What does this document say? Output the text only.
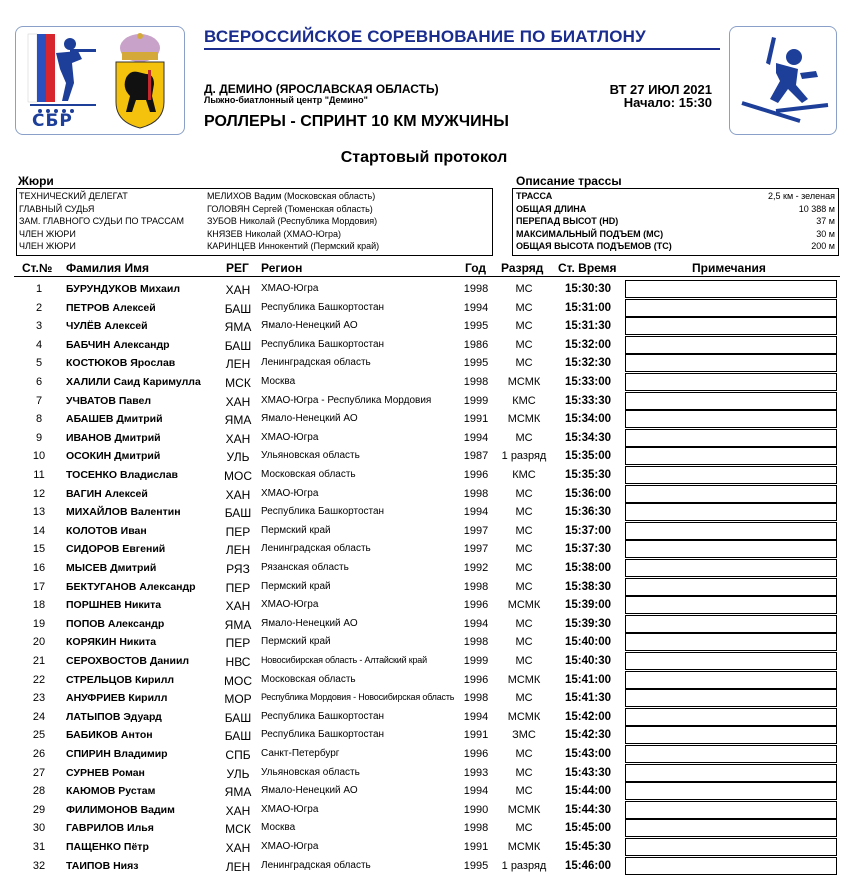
СБР
ВСЕРОССИЙСКОЕ СОРЕВНОВАНИЕ ПО БИАТЛОНУ
Д. ДЕМИНО (ЯРОСЛАВСКАЯ ОБЛАСТЬ)
Лыжно-биатлонный центр "Демино"
РОЛЛЕРЫ - СПРИНТ 10 КМ МУЖЧИНЫ
ВТ 27 ИЮЛ 2021
Начало: 15:30
Стартовый протокол
Жюри
ТЕХНИЧЕСКИЙ ДЕЛЕГАТ	МЕЛИХОВ Вадим (Московская область)
ГЛАВНЫЙ СУДЬЯ	ГОЛОВЯН Сергей (Тюменская область)
ЗАМ. ГЛАВНОГО СУДЬИ ПО ТРАССАМ	ЗУБОВ Николай (Республика Мордовия)
ЧЛЕН ЖЮРИ	КНЯЗЕВ Николай (ХМАО-Югра)
ЧЛЕН ЖЮРИ	КАРИНЦЕВ Иннокентий (Пермский край)
Описание трассы
ТРАССА	2,5 км - зеленая
ОБЩАЯ ДЛИНА	10 388 м
ПЕРЕПАД ВЫСОТ (HD)	37 м
МАКСИМАЛЬНЫЙ ПОДЪЕМ (MC)	30 м
ОБЩАЯ ВЫСОТА ПОДЪЕМОВ (TC)	200 м
Ст.№ Фамилия Имя	РЕГ Регион	Год Разряд Ст. Время	Примечания
1	БУРУНДУКОВ Михаил	ХАН	ХМАО-Югра	1998	МС	15:30:30
2	ПЕТРОВ Алексей	БАШ Республика Башкортостан	1994	МС	15:31:00
3	ЧУЛЁВ Алексей	ЯМА Ямало-Ненецкий АО	1995	МС	15:31:30
4	БАБЧИН Александр	БАШ Республика Башкортостан	1986	МС	15:32:00
5	КОСТЮКОВ Ярослав	ЛЕН	Ленинградская область	1995	МС	15:32:30
6	ХАЛИЛИ Саид Каримулла	МСК	Москва	1998	МСМК	15:33:00
7	УЧВАТОВ Павел	ХАН	ХМАО-Югра - Республика Мордовия	1999	КМС	15:33:30
8	АБАШЕВ Дмитрий	ЯМА Ямало-Ненецкий АО	1991	МСМК	15:34:00
9	ИВАНОВ Дмитрий	ХАН	ХМАО-Югра	1994	МС	15:34:30
10	ОСОКИН Дмитрий	УЛЬ	Ульяновская область	1987	1 разряд	15:35:00
11	ТОСЕНКО Владислав	МОС Московская область	1996	КМС	15:35:30
12	ВАГИН Алексей	ХАН	ХМАО-Югра	1998	МС	15:36:00
13	МИХАЙЛОВ Валентин	БАШ Республика Башкортостан	1994	МС	15:36:30
14	КОЛОТОВ Иван	ПЕР	Пермский край	1997	МС	15:37:00
15	СИДОРОВ Евгений	ЛЕН	Ленинградская область	1997	МС	15:37:30
16	МЫСЕВ Дмитрий	РЯЗ	Рязанская область	1992	МС	15:38:00
17	БЕКТУГАНОВ Александр	ПЕР	Пермский край	1998	МС	15:38:30
18	ПОРШНЕВ Никита	ХАН	ХМАО-Югра	1996	МСМК	15:39:00
19	ПОПОВ Александр	ЯМА Ямало-Ненецкий АО	1994	МС	15:39:30
20	КОРЯКИН Никита	ПЕР	Пермский край	1998	МС	15:40:00
21	СЕРОХВОСТОВ Даниил	НВС	Новосибирская область - Алтайский край	1999	МС	15:40:30
22	СТРЕЛЬЦОВ Кирилл	МОС Московская область	1996	МСМК	15:41:00
23	АНУФРИЕВ Кирилл	МОР	Республика Мордовия - Новосибирская область 1998	МС	15:41:30
24	ЛАТЫПОВ Эдуард	БАШ Республика Башкортостан	1994	МСМК	15:42:00
25	БАБИКОВ Антон	БАШ Республика Башкортостан	1991	ЗМС	15:42:30
26	СПИРИН Владимир	СПБ	Санкт-Петербург	1996	МС	15:43:00
27	СУРНЕВ Роман	УЛЬ	Ульяновская область	1993	МС	15:43:30
28	КАЮМОВ Рустам	ЯМА Ямало-Ненецкий АО	1994	МС	15:44:00
29	ФИЛИМОНОВ Вадим	ХАН	ХМАО-Югра	1990	МСМК	15:44:30
30	ГАВРИЛОВ Илья	МСК	Москва	1998	МС	15:45:00
31	ПАЩЕНКО Пётр	ХАН	ХМАО-Югра	1991	МСМК	15:45:30
32	ТАИПОВ Нияз	ЛЕН	Ленинградская область	1995	1 разряд	15:46:00
